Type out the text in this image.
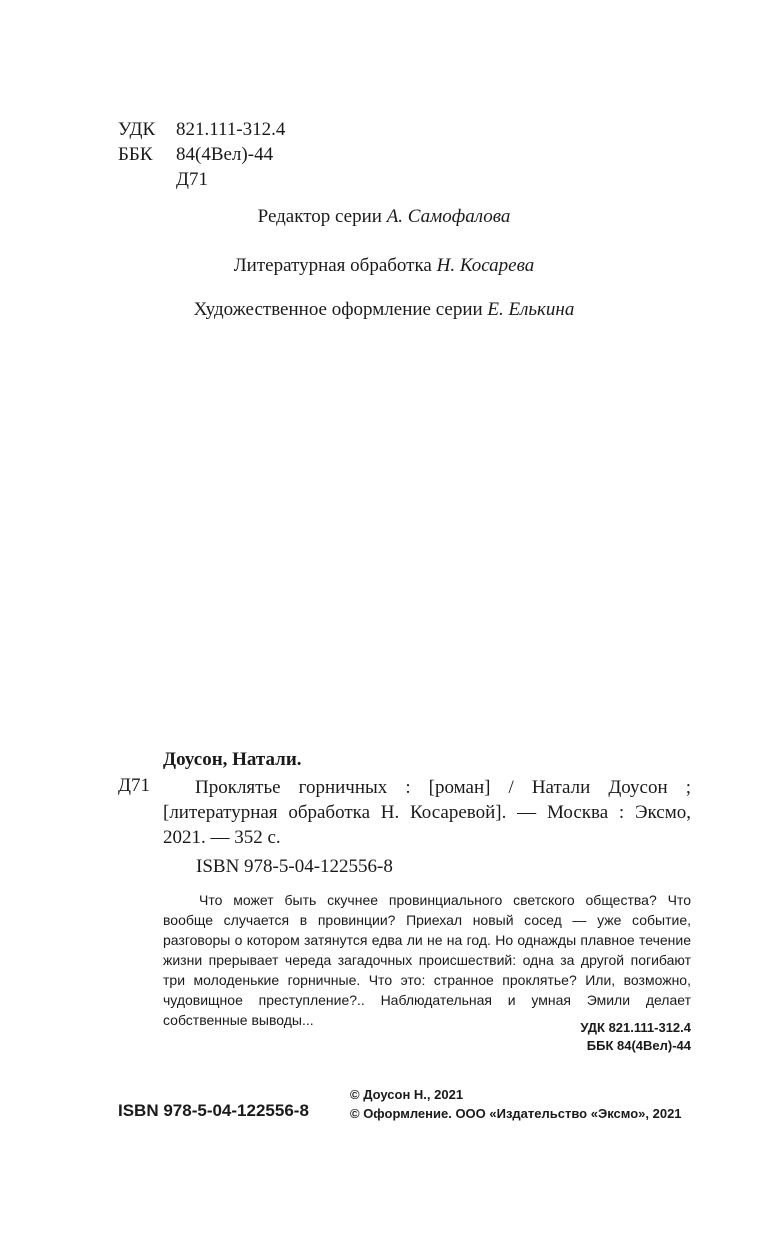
УДК	821.111-312.4
ББК	84(4Вел)-44
Д71
Редактор серии А. Самофалова
Литературная обработка Н. Косарева
Художественное оформление серии Е. Елькина
Доусон, Натали.
Д71	Проклятье горничных : [роман] / Натали Доусон ; [литературная обработка Н. Косаревой]. — Москва : Эксмо, 2021. — 352 с.
ISBN 978-5-04-122556-8
Что может быть скучнее провинциального светского общества? Что вообще случается в провинции? Приехал новый сосед — уже событие, разговоры о котором затянутся едва ли не на год. Но однажды плавное течение жизни прерывает череда загадочных происшествий: одна за другой погибают три молоденькие горничные. Что это: странное проклятье? Или, возможно, чудовищное преступление?.. Наблюдательная и умная Эмили делает собственные выводы...	УДК 821.111-312.4
ББК 84(4Вел)-44
© Доусон Н., 2021
© Оформление. ООО «Издательство «Эксмо», 2021
ISBN 978-5-04-122556-8
